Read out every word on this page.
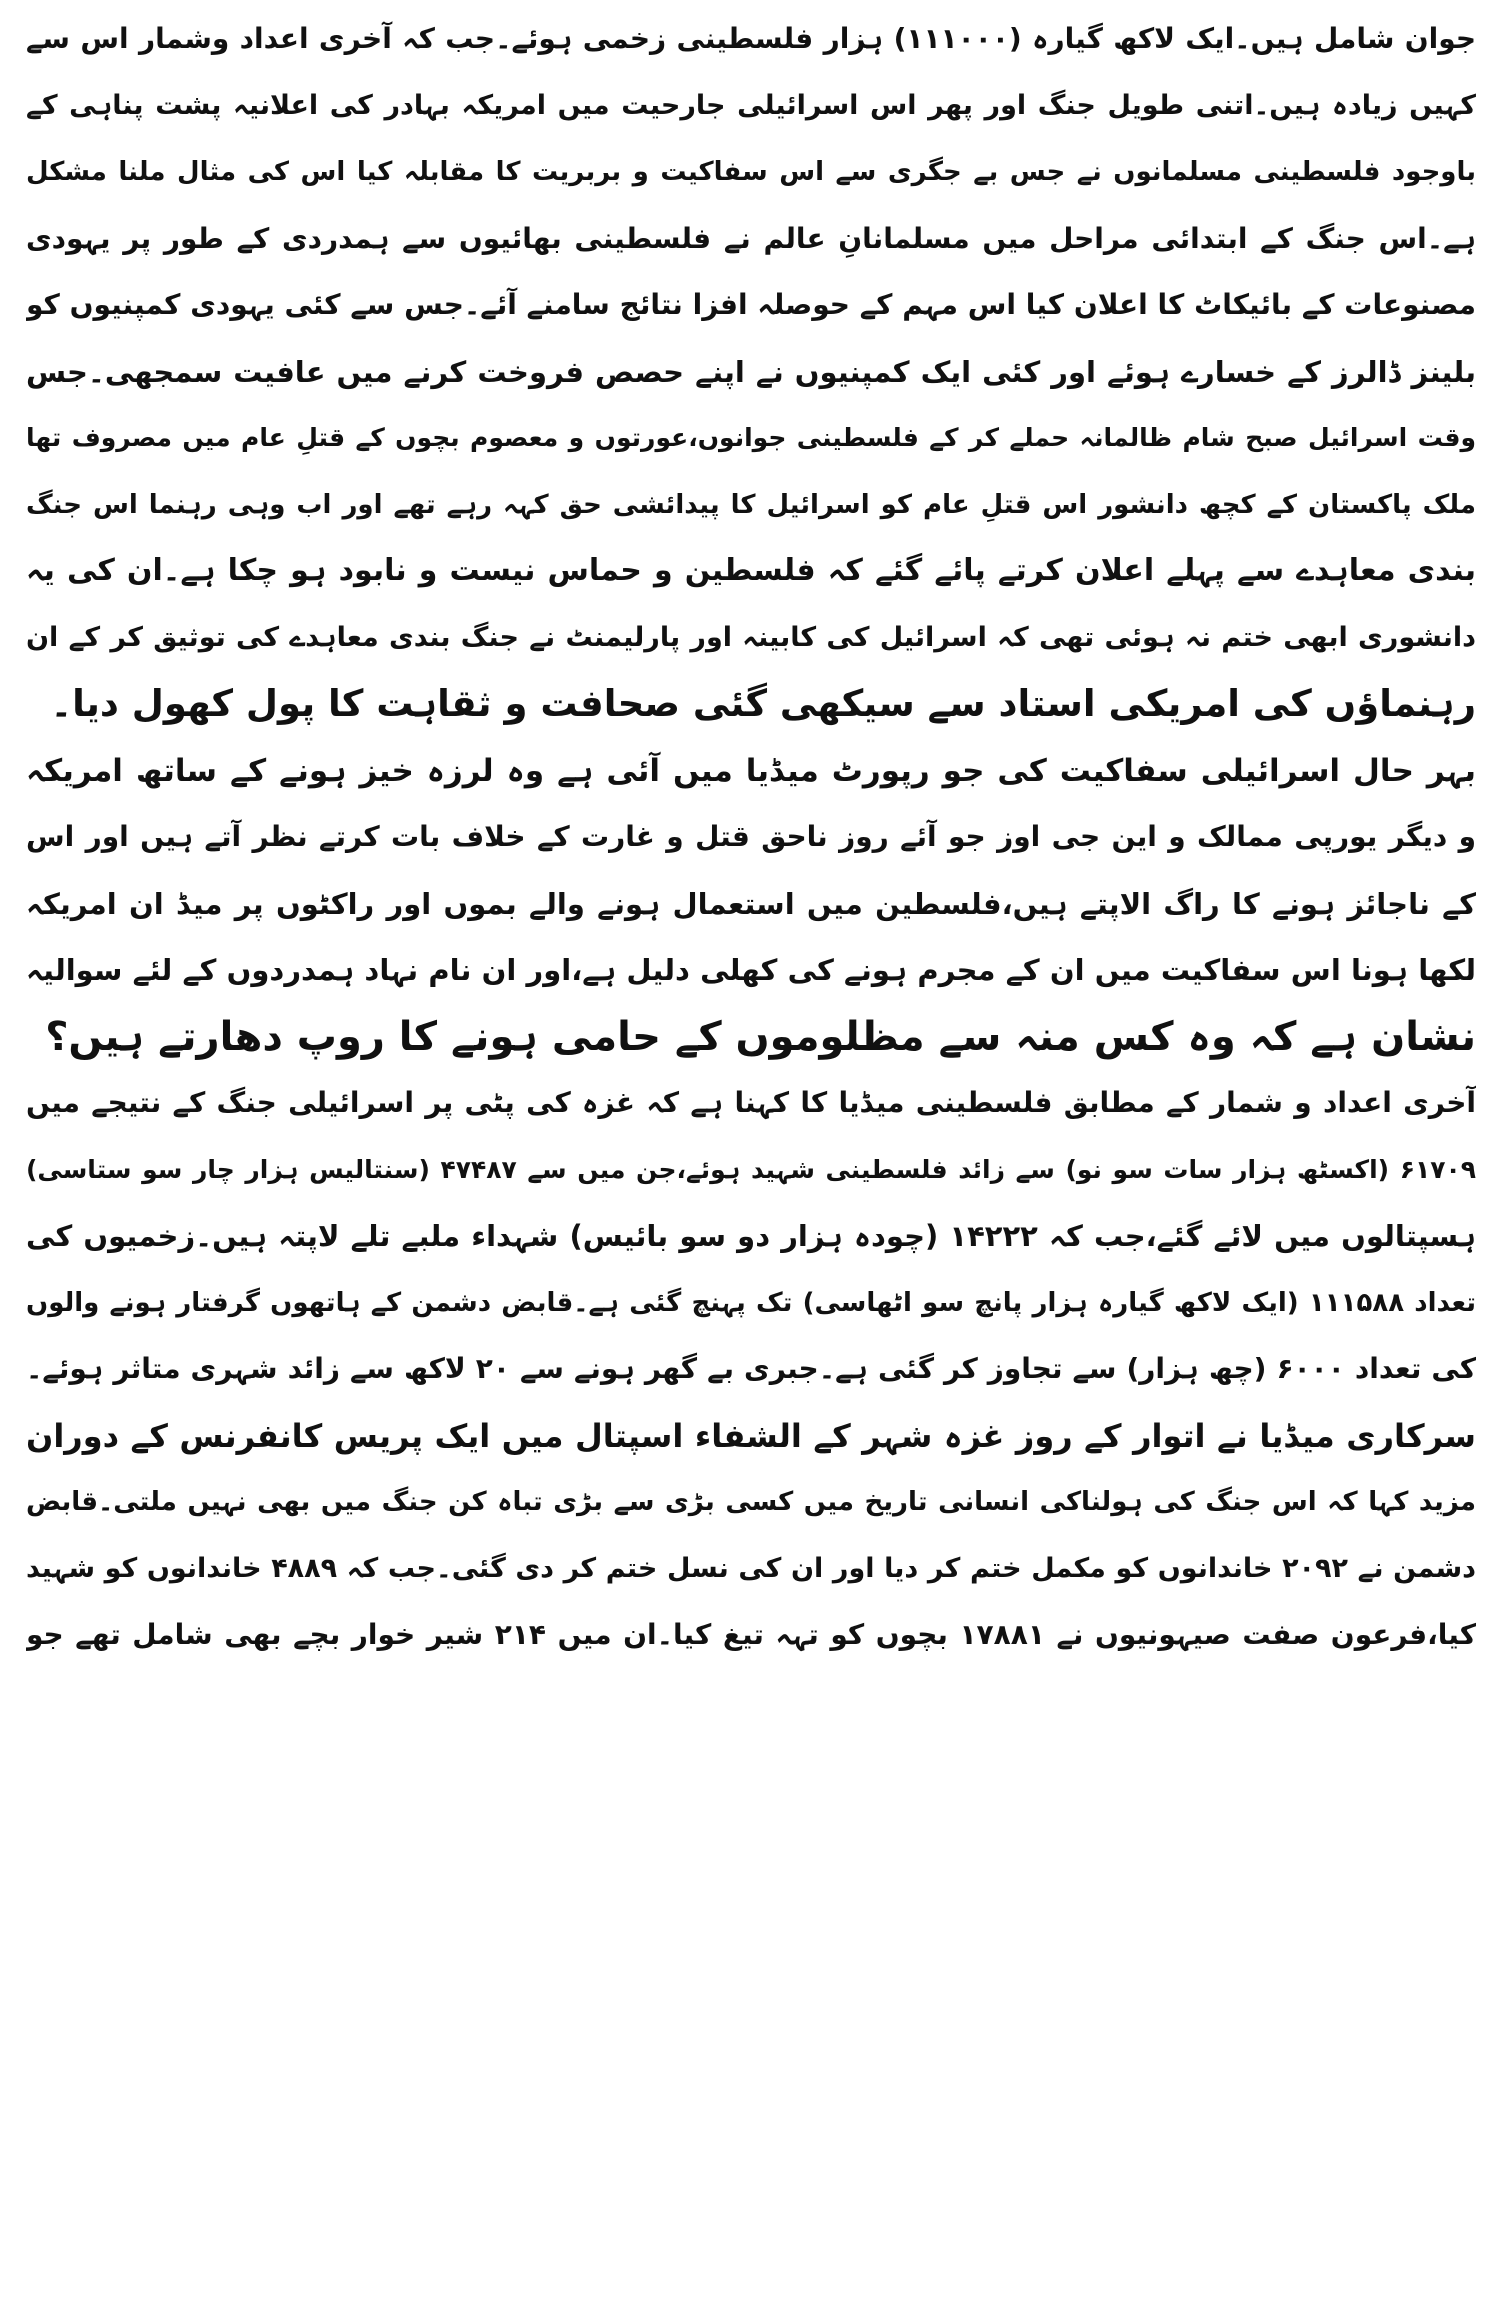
جوان شامل ہیں۔ایک لاکھ گیارہ (۱۱۱۰۰۰) ہزار فلسطینی زخمی ہوئے۔جب کہ آخری اعداد وشمار اس سے
کہیں زیادہ ہیں۔اتنی طویل جنگ اور پھر اس اسرائیلی جارحیت میں امریکہ بہادر کی اعلانیہ پشت پناہی کے
باوجود فلسطینی مسلمانوں نے جس بے جگری سے اس سفاکیت و بربریت کا مقابلہ کیا اس کی مثال ملنا مشکل
ہے۔اس جنگ کے ابتدائی مراحل میں مسلمانانِ عالم نے فلسطینی بھائیوں سے ہمدردی کے طور پر یہودی
مصنوعات کے بائیکاٹ کا اعلان کیا اس مہم کے حوصلہ افزا نتائج سامنے آئے۔جس سے کئی یہودی کمپنیوں کو
بلینز ڈالرز کے خسارے ہوئے اور کئی ایک کمپنیوں نے اپنے حصص فروخت کرنے میں عافیت سمجھی۔جس
وقت اسرائیل صبح شام ظالمانہ حملے کر کے فلسطینی جوانوں،عورتوں و معصوم بچوں کے قتلِ عام میں مصروف تھا
ملک پاکستان کے کچھ دانشور اس قتلِ عام کو اسرائیل کا پیدائشی حق کہہ رہے تھے اور اب وہی رہنما اس جنگ
بندی معاہدے سے پہلے اعلان کرتے پائے گئے کہ فلسطین و حماس نیست و نابود ہو چکا ہے۔ان کی یہ
دانشوری ابھی ختم نہ ہوئی تھی کہ اسرائیل کی کابینہ اور پارلیمنٹ نے جنگ بندی معاہدے کی توثیق کر کے ان
رہنماؤں کی امریکی استاد سے سیکھی گئی صحافت و ثقاہت کا پول کھول دیا۔
بہر حال اسرائیلی سفاکیت کی جو رپورٹ میڈیا میں آئی ہے وہ لرزہ خیز ہونے کے ساتھ امریکہ
و دیگر یورپی ممالک و این جی اوز جو آئے روز ناحق قتل و غارت کے خلاف بات کرتے نظر آتے ہیں اور اس
کے ناجائز ہونے کا راگ الاپتے ہیں،فلسطین میں استعمال ہونے والے بموں اور راکٹوں پر میڈ ان امریکہ
لکھا ہونا اس سفاکیت میں ان کے مجرم ہونے کی کھلی دلیل ہے،اور ان نام نہاد ہمدردوں کے لئے سوالیہ
نشان ہے کہ وہ کس منہ سے مظلوموں کے حامی ہونے کا روپ دھارتے ہیں؟
آخری اعداد و شمار کے مطابق فلسطینی میڈیا کا کہنا ہے کہ غزہ کی پٹی پر اسرائیلی جنگ کے نتیجے میں
۶۱۷۰۹ (اکسٹھ ہزار سات سو نو) سے زائد فلسطینی شہید ہوئے،جن میں سے ۴۷۴۸۷ (سنتالیس ہزار چار سو ستاسی)
ہسپتالوں میں لائے گئے،جب کہ ۱۴۲۲۲ (چودہ ہزار دو سو بائیس) شہداء ملبے تلے لاپتہ ہیں۔زخمیوں کی
تعداد ۱۱۱۵۸۸ (ایک لاکھ گیارہ ہزار پانچ سو اٹھاسی) تک پہنچ گئی ہے۔قابض دشمن کے ہاتھوں گرفتار ہونے والوں
کی تعداد ۶۰۰۰ (چھ ہزار) سے تجاوز کر گئی ہے۔جبری بے گھر ہونے سے ۲۰ لاکھ سے زائد شہری متاثر ہوئے۔
سرکاری میڈیا نے اتوار کے روز غزہ شہر کے الشفاء اسپتال میں ایک پریس کانفرنس کے دوران
مزید کہا کہ اس جنگ کی ہولناکی انسانی تاریخ میں کسی بڑی سے بڑی تباہ کن جنگ میں بھی نہیں ملتی۔قابض
دشمن نے ۲۰۹۲ خاندانوں کو مکمل ختم کر دیا اور ان کی نسل ختم کر دی گئی۔جب کہ ۴۸۸۹ خاندانوں کو شہید
کیا،فرعون صفت صیہونیوں نے ۱۷۸۸۱ بچوں کو تہہ تیغ کیا۔ان میں ۲۱۴ شیر خوار بچے بھی شامل تھے جو
